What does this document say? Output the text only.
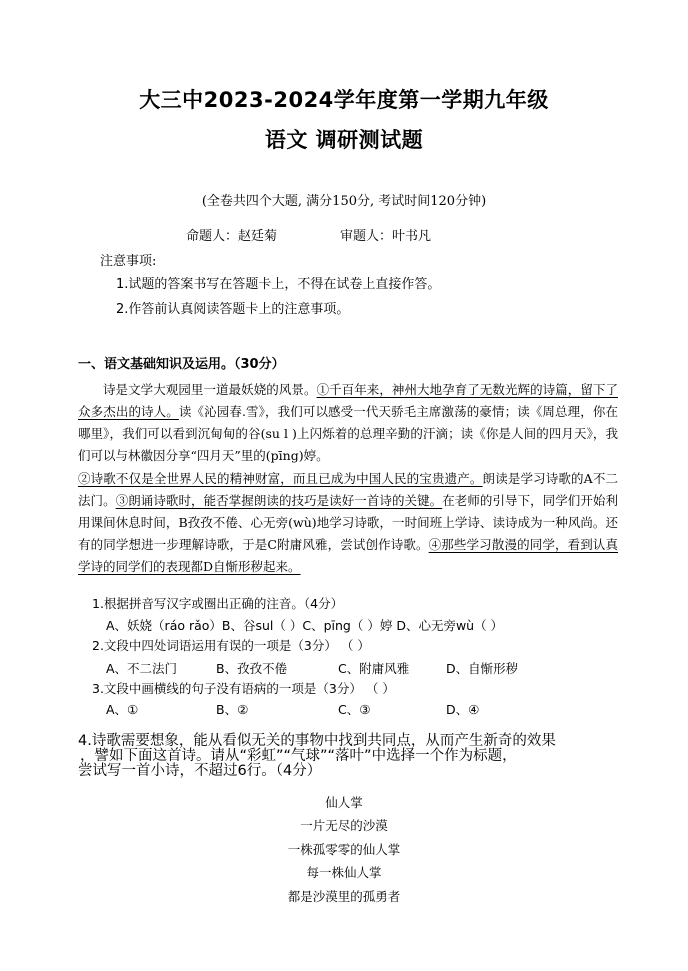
大三中2023-2024学年度第一学期九年级
语文 调研测试题
(全卷共四个大题, 满分150分, 考试时间120分钟)
命题人：赵廷菊	审题人：叶书凡
注意事项:
1.试题的答案书写在答题卡上，不得在试卷上直接作答。
2.作答前认真阅读答题卡上的注意事项。
一、语文基础知识及运用。（30分）
诗是文学大观园里一道最妖娆的风景。①千百年来，神州大地孕育了无数光辉的诗篇，留下了众多杰出的诗人。读《沁园春.雪》，我们可以感受一代天骄毛主席激荡的豪情；读《周总理，你在哪里》，我们可以看到沉甸甸的谷(su l )上闪烁着的总理辛勤的汗滴；读《你是人间的四月天》，我们可以与林徽因分享“四月天”里的(pīng)婷。
②诗歌不仅是全世界人民的精神财富，而且已成为中国人民的宝贵遗产。朗读是学习诗歌的A不二法门。③朗诵诗歌时，能否掌握朗读的技巧是读好一首诗的关键。在老师的引导下，同学们开始利用课间休息时间，B孜孜不倦、心无旁(wù)地学习诗歌，一时间班上学诗、读诗成为一种风尚。还有的同学想进一步理解诗歌，于是C附庸风雅，尝试创作诗歌。④那些学习散漫的同学，看到认真学诗的同学们的表现都D自惭形秽起来。
1.根据拼音写汉字或圈出正确的注音。（4分）
A、妖娆（ráo rǎo）B、谷sul（ ）C、pīng（ ）婷 D、心无旁wù（ ）
2.文段中四处词语运用有误的一项是（3分） （ ）
A、不二法门	B、孜孜不倦	C、附庸风雅	D、自惭形秽
3.文段中画横线的句子没有语病的一项是（3分） （ ）
A、①	B、②	C、③	D、④
4.诗歌需要想象，能从看似无关的事物中找到共同点，从而产生新奇的效果
，譬如下面这首诗。请从“彩虹”“气球”“落叶”中选择一个作为标题，
尝试写一首小诗，不超过6行。（4分）
仙人掌
一片无尽的沙漠
一株孤零零的仙人掌
每一株仙人掌
都是沙漠里的孤勇者
